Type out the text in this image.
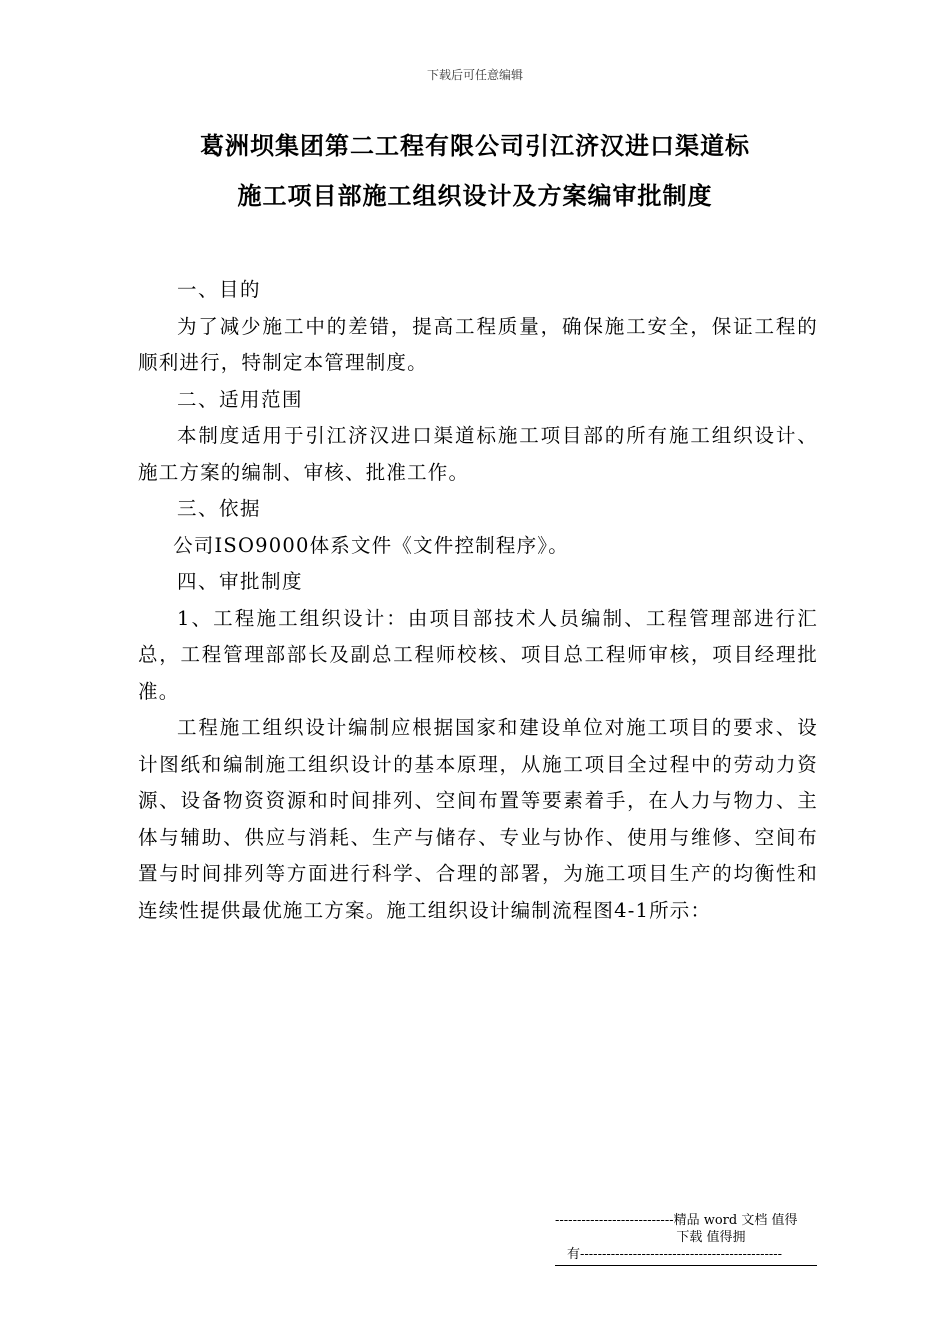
下载后可任意编辑
葛洲坝集团第二工程有限公司引江济汉进口渠道标
施工项目部施工组织设计及方案编审批制度

一、目的

为了减少施工中的差错，提高工程质量，确保施工安全，保证工程的顺利进行，特制定本管理制度。

二、适用范围

本制度适用于引江济汉进口渠道标施工项目部的所有施工组织设计、施工方案的编制、审核、批准工作。

三、依据

公司ISO9000体系文件《文件控制程序》。

四、审批制度

1、工程施工组织设计：由项目部技术人员编制、工程管理部进行汇总，工程管理部部长及副总工程师校核、项目总工程师审核，项目经理批准。

工程施工组织设计编制应根据国家和建设单位对施工项目的要求、设计图纸和编制施工组织设计的基本原理，从施工项目全过程中的劳动力资源、设备物资资源和时间排列、空间布置等要素着手，在人力与物力、主体与辅助、供应与消耗、生产与储存、专业与协作、使用与维修、空间布置与时间排列等方面进行科学、合理的部署，为施工项目生产的均衡性和连续性提供最优施工方案。施工组织设计编制流程图4-1所示：

---------------------------精品 word 文档 值得
下载 值得拥
有----------------------------------------------
